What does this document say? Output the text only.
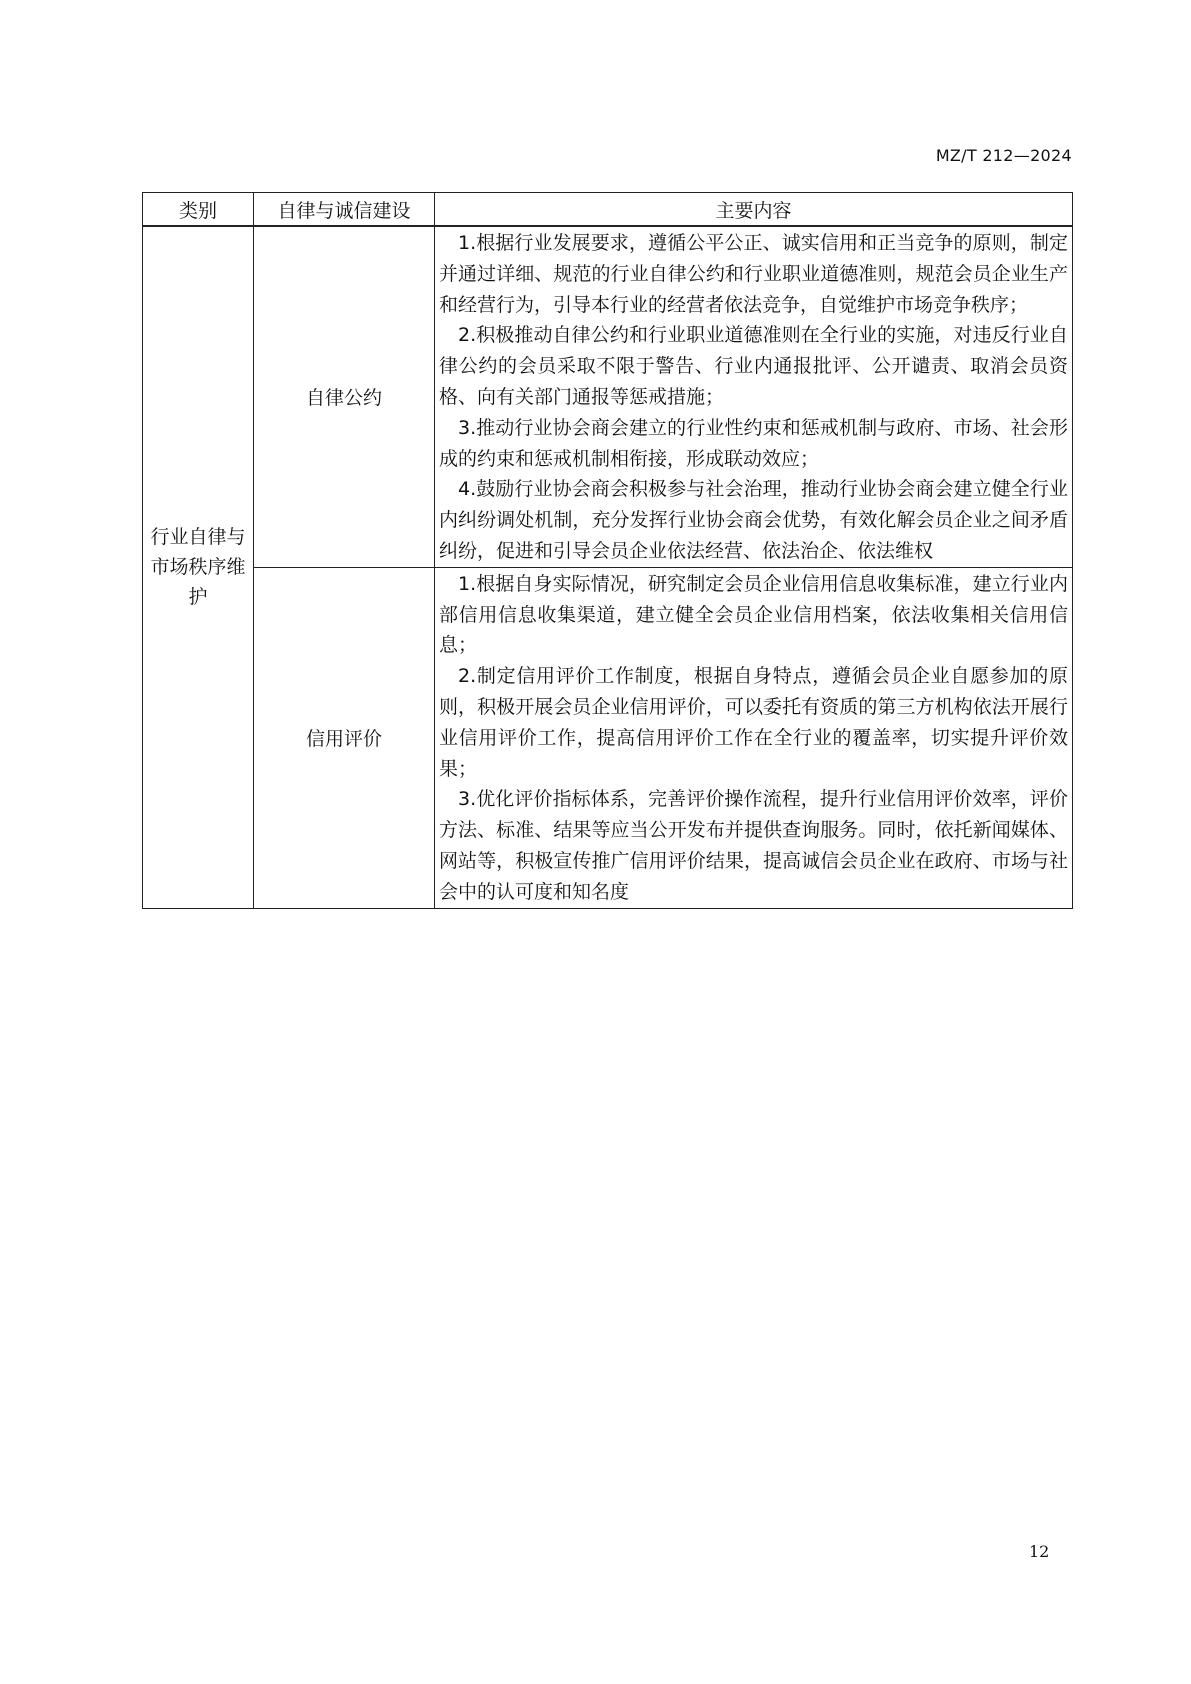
MZ/T 212—2024
类别	自律与诚信建设	主要内容
行业自律与市场秩序维护	自律公约	1.根据行业发展要求，遵循公平公正、诚实信用和正当竞争的原则，制定并通过详细、规范的行业自律公约和行业职业道德准则，规范会员企业生产和经营行为，引导本行业的经营者依法竞争，自觉维护市场竞争秩序；

2.积极推动自律公约和行业职业道德准则在全行业的实施，对违反行业自律公约的会员采取不限于警告、行业内通报批评、公开谴责、取消会员资格、向有关部门通报等惩戒措施；

3.推动行业协会商会建立的行业性约束和惩戒机制与政府、市场、社会形成的约束和惩戒机制相衔接，形成联动效应；

4.鼓励行业协会商会积极参与社会治理，推动行业协会商会建立健全行业内纠纷调处机制，充分发挥行业协会商会优势，有效化解会员企业之间矛盾纠纷，促进和引导会员企业依法经营、依法治企、依法维权

	信用评价	1.根据自身实际情况，研究制定会员企业信用信息收集标准，建立行业内部信用信息收集渠道，建立健全会员企业信用档案，依法收集相关信用信息；

2.制定信用评价工作制度，根据自身特点，遵循会员企业自愿参加的原则，积极开展会员企业信用评价，可以委托有资质的第三方机构依法开展行业信用评价工作，提高信用评价工作在全行业的覆盖率，切实提升评价效果；

3.优化评价指标体系，完善评价操作流程，提升行业信用评价效率，评价方法、标准、结果等应当公开发布并提供查询服务。同时，依托新闻媒体、网站等，积极宣传推广信用评价结果，提高诚信会员企业在政府、市场与社会中的认可度和知名度

12
